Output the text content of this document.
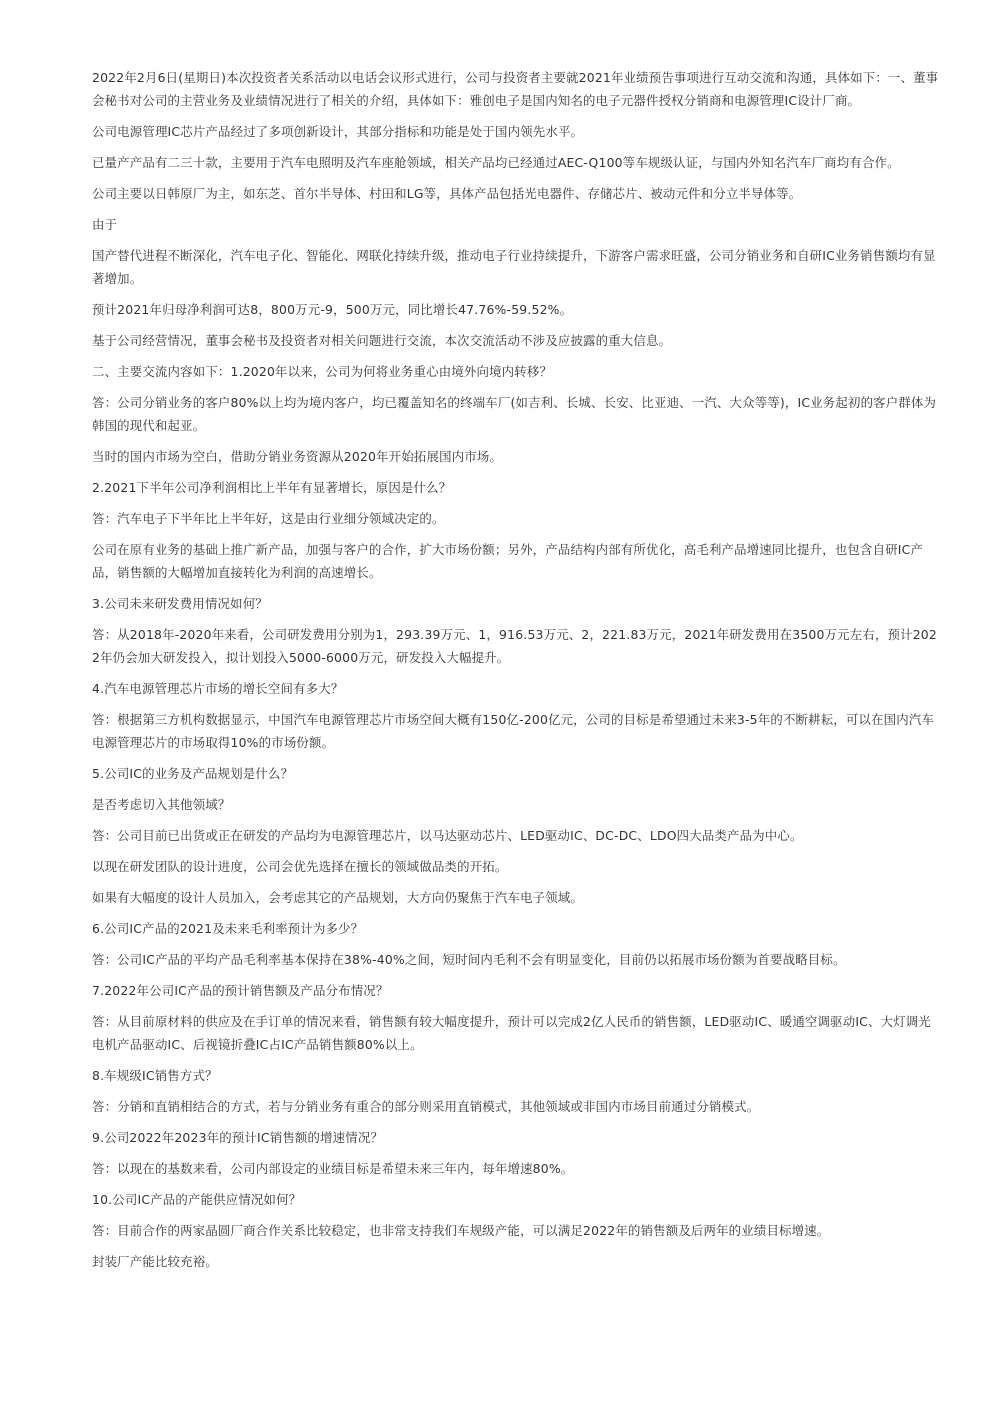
2022年2月6日(星期日)本次投资者关系活动以电话会议形式进行，公司与投资者主要就2021年业绩预告事项进行互动交流和沟通，具体如下：一、董事会秘书对公司的主营业务及业绩情况进行了相关的介绍，具体如下：雅创电子是国内知名的电子元器件授权分销商和电源管理IC设计厂商。

公司电源管理IC芯片产品经过了多项创新设计，其部分指标和功能是处于国内领先水平。

已量产产品有二三十款，主要用于汽车电照明及汽车座舱领域，相关产品均已经通过AEC-Q100等车规级认证，与国内外知名汽车厂商均有合作。

公司主要以日韩原厂为主，如东芝、首尔半导体、村田和LG等，具体产品包括光电器件、存储芯片、被动元件和分立半导体等。

由于

国产替代进程不断深化，汽车电子化、智能化、网联化持续升级，推动电子行业持续提升，下游客户需求旺盛，公司分销业务和自研IC业务销售额均有显著增加。

预计2021年归母净利润可达8，800万元-9，500万元，同比增长47.76%-59.52%。

基于公司经营情况，董事会秘书及投资者对相关问题进行交流，本次交流活动不涉及应披露的重大信息。

二、主要交流内容如下：1.2020年以来，公司为何将业务重心由境外向境内转移？

答：公司分销业务的客户80%以上均为境内客户，均已覆盖知名的终端车厂(如吉利、长城、长安、比亚迪、一汽、大众等等)，IC业务起初的客户群体为韩国的现代和起亚。

当时的国内市场为空白，借助分销业务资源从2020年开始拓展国内市场。

2.2021下半年公司净利润相比上半年有显著增长，原因是什么？

答：汽车电子下半年比上半年好，这是由行业细分领域决定的。

公司在原有业务的基础上推广新产品，加强与客户的合作，扩大市场份额；另外，产品结构内部有所优化，高毛利产品增速同比提升，也包含自研IC产品，销售额的大幅增加直接转化为利润的高速增长。

3.公司未来研发费用情况如何？

答：从2018年-2020年来看，公司研发费用分别为1，293.39万元、1，916.53万元、2，221.83万元，2021年研发费用在3500万元左右，预计2022年仍会加大研发投入，拟计划投入5000-6000万元，研发投入大幅提升。

4.汽车电源管理芯片市场的增长空间有多大？

答：根据第三方机构数据显示，中国汽车电源管理芯片市场空间大概有150亿-200亿元，公司的目标是希望通过未来3-5年的不断耕耘，可以在国内汽车电源管理芯片的市场取得10%的市场份额。

5.公司IC的业务及产品规划是什么？

是否考虑切入其他领域？

答：公司目前已出货或正在研发的产品均为电源管理芯片，以马达驱动芯片、LED驱动IC、DC-DC、LDO四大品类产品为中心。

以现在研发团队的设计进度，公司会优先选择在擅长的领域做品类的开拓。

如果有大幅度的设计人员加入，会考虑其它的产品规划，大方向仍聚焦于汽车电子领域。

6.公司IC产品的2021及未来毛利率预计为多少？

答：公司IC产品的平均产品毛利率基本保持在38%-40%之间，短时间内毛利不会有明显变化，目前仍以拓展市场份额为首要战略目标。

7.2022年公司IC产品的预计销售额及产品分布情况？

答：从目前原材料的供应及在手订单的情况来看，销售额有较大幅度提升，预计可以完成2亿人民币的销售额，LED驱动IC、暖通空调驱动IC、大灯调光电机产品驱动IC、后视镜折叠IC占IC产品销售额80%以上。

8.车规级IC销售方式？

答：分销和直销相结合的方式，若与分销业务有重合的部分则采用直销模式，其他领域或非国内市场目前通过分销模式。

9.公司2022年2023年的预计IC销售额的增速情况？

答：以现在的基数来看，公司内部设定的业绩目标是希望未来三年内，每年增速80%。

10.公司IC产品的产能供应情况如何？

答：目前合作的两家晶圆厂商合作关系比较稳定，也非常支持我们车规级产能，可以满足2022年的销售额及后两年的业绩目标增速。

封装厂产能比较充裕。
